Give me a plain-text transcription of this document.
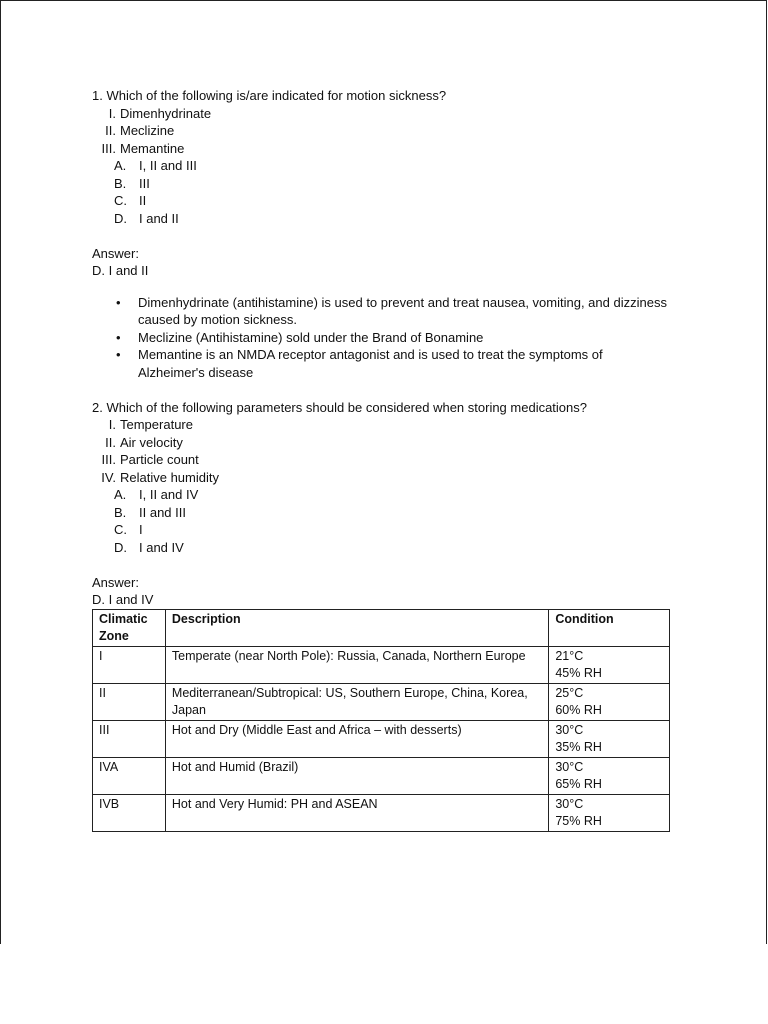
1. Which of the following is/are indicated for motion sickness?

I. Dimenhydrinate
II. Meclizine
III. Memantine
A. I, II and III
B. III
C. II
D. I and II

Answer:

D. I and II

• Dimenhydrinate (antihistamine) is used to prevent and treat nausea, vomiting, and dizziness caused by motion sickness.
• Meclizine (Antihistamine) sold under the Brand of Bonamine
• Memantine is an NMDA receptor antagonist and is used to treat the symptoms of Alzheimer's disease

2. Which of the following parameters should be considered when storing medications?

I. Temperature
II. Air velocity
III. Particle count
IV. Relative humidity
A. I, II and IV
B. II and III
C. I
D. I and IV

Answer:

D. I and IV

Climatic Zone	Description	Condition
I	Temperate (near North Pole): Russia, Canada, Northern Europe	21°C
45% RH

II	Mediterranean/Subtropical: US, Southern Europe, China, Korea, Japan	25°C
60% RH

III	Hot and Dry (Middle East and Africa – with desserts)	30°C
35% RH

IVA	Hot and Humid (Brazil)	30°C
65% RH

IVB	Hot and Very Humid: PH and ASEAN	30°C
75% RH
